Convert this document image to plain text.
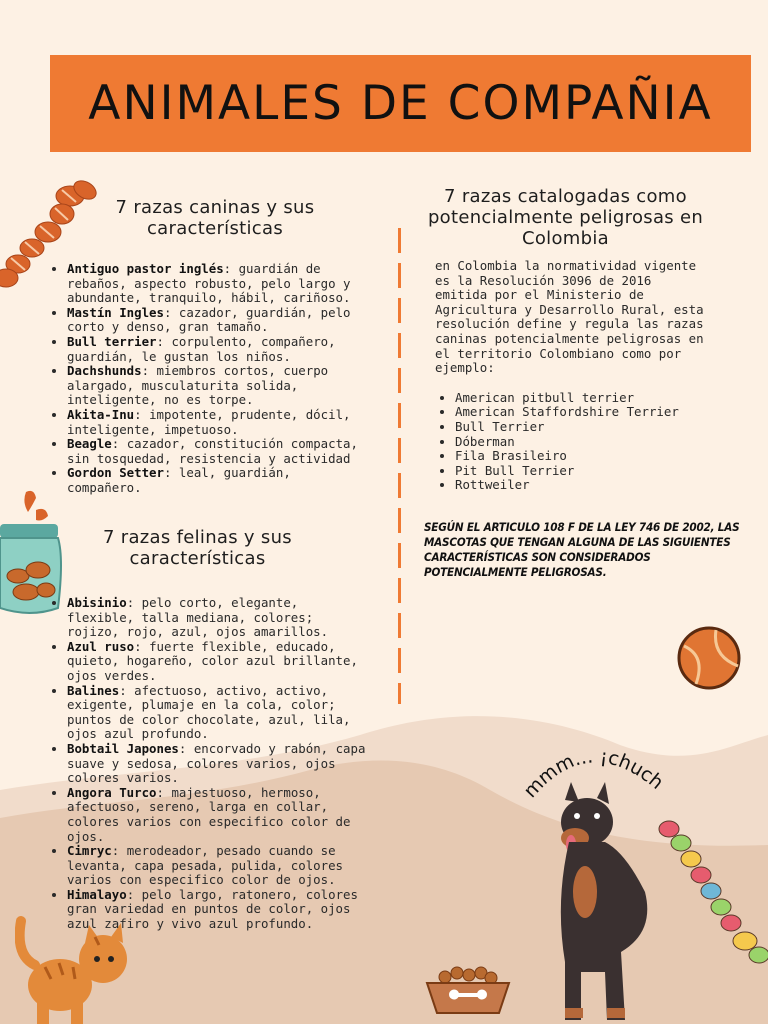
ANIMALES DE COMPAÑIA
mmm... ¡chuch
7 razas caninas y sus características
• Antiguo pastor inglés: guardián de rebaños, aspecto robusto, pelo largo y abundante, tranquilo, hábil, cariñoso.
• Mastín Ingles: cazador, guardián, pelo corto y denso, gran tamaño.
• Bull terrier: corpulento, compañero, guardián, le gustan los niños.
• Dachshunds: miembros cortos, cuerpo alargado, musculaturita solida, inteligente, no es torpe.
• Akita-Inu: impotente, prudente, dócil, inteligente, impetuoso.
• Beagle: cazador, constitución compacta, sin tosquedad, resistencia y actividad
• Gordon Setter: leal, guardián, compañero.
7 razas felinas y sus características
• Abisinio: pelo corto, elegante, flexible, talla mediana, colores; rojizo, rojo, azul, ojos amarillos.
• Azul ruso: fuerte flexible, educado, quieto, hogareño, color azul brillante, ojos verdes.
• Balines: afectuoso, activo, activo, exigente, plumaje en la cola, color; puntos de color chocolate, azul, lila, ojos azul profundo.
• Bobtail Japones: encorvado y rabón, capa suave y sedosa, colores varios, ojos colores varios.
• Angora Turco: majestuoso, hermoso, afectuoso, sereno, larga en collar, colores varios con especifico color de ojos.
• Cimryc: merodeador, pesado cuando se levanta, capa pesada, pulida, colores varios con especifico color de ojos.
• Himalayo: pelo largo, ratonero, colores gran variedad en puntos de color, ojos azul zafiro y vivo azul profundo.
7 razas catalogadas como potencialmente peligrosas en Colombia

en Colombia la normatividad vigente es la Resolución 3096 de 2016 emitida por el Ministerio de Agricultura y Desarrollo Rural, esta resolución define y regula las razas caninas potencialmente peligrosas en el territorio Colombiano como por ejemplo:

• American pitbull terrier
• American Staffordshire Terrier
• Bull Terrier
• Dóberman
• Fila Brasileiro
• Pit Bull Terrier
• Rottweiler
SEGÚN EL ARTICULO 108 F DE LA LEY 746 DE 2002, LAS MASCOTAS QUE TENGAN ALGUNA DE LAS SIGUIENTES CARACTERÍSTICAS SON CONSIDERADOS POTENCIALMENTE PELIGROSAS.
